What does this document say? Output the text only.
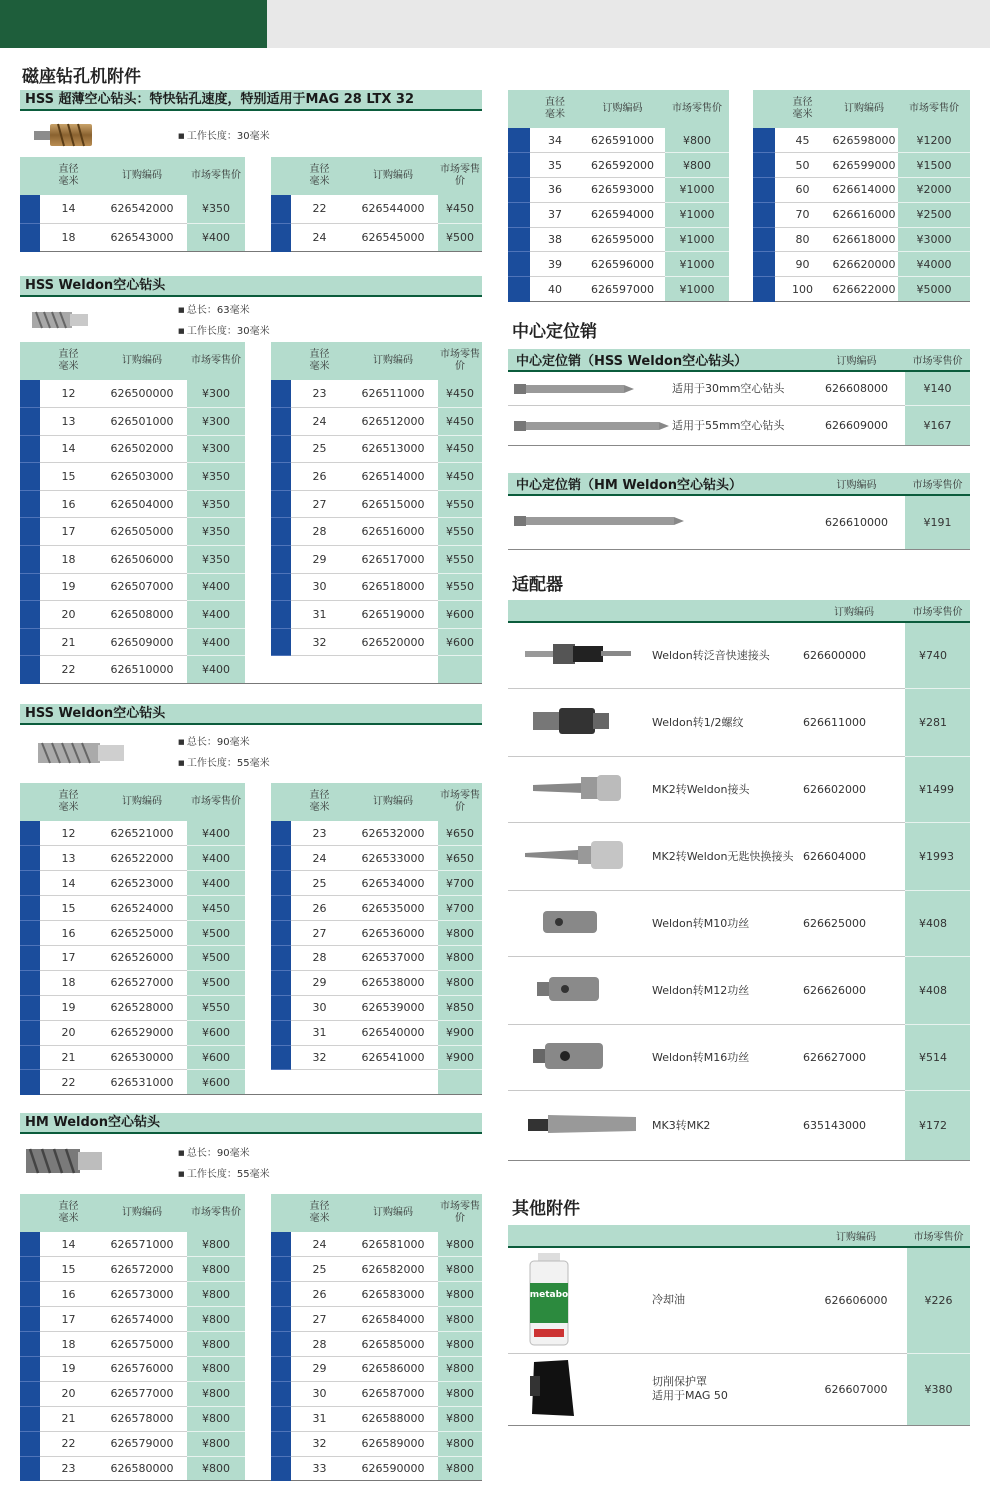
磁座钻孔机附件
HSS 超薄空心钻头：特快钻孔速度，特别适用于MAG 28 LTX 32
■ 工作长度：30毫米
	直径
毫米	订购编码	市场零售价			直径
毫米	订购编码	市场零售价
	14	626542000	¥350			22	626544000	¥450
	18	626543000	¥400			24	626545000	¥500
HSS Weldon空心钻头
■ 总长：63毫米
■ 工作长度：30毫米
	直径
毫米	订购编码	市场零售价			直径
毫米	订购编码	市场零售价
	12	626500000	¥300			23	626511000	¥450
	13	626501000	¥300			24	626512000	¥450
	14	626502000	¥300			25	626513000	¥450
	15	626503000	¥350			26	626514000	¥450
	16	626504000	¥350			27	626515000	¥550
	17	626505000	¥350			28	626516000	¥550
	18	626506000	¥350			29	626517000	¥550
	19	626507000	¥400			30	626518000	¥550
	20	626508000	¥400			31	626519000	¥600
	21	626509000	¥400			32	626520000	¥600
	22	626510000	¥400					
HSS Weldon空心钻头
■ 总长：90毫米
■ 工作长度：55毫米
	直径
毫米	订购编码	市场零售价			直径
毫米	订购编码	市场零售价
	12	626521000	¥400			23	626532000	¥650
	13	626522000	¥400			24	626533000	¥650
	14	626523000	¥400			25	626534000	¥700
	15	626524000	¥450			26	626535000	¥700
	16	626525000	¥500			27	626536000	¥800
	17	626526000	¥500			28	626537000	¥800
	18	626527000	¥500			29	626538000	¥800
	19	626528000	¥550			30	626539000	¥850
	20	626529000	¥600			31	626540000	¥900
	21	626530000	¥600			32	626541000	¥900
	22	626531000	¥600					
HM Weldon空心钻头
■ 总长：90毫米
■ 工作长度：55毫米
	直径
毫米	订购编码	市场零售价			直径
毫米	订购编码	市场零售价
	14	626571000	¥800			24	626581000	¥800
	15	626572000	¥800			25	626582000	¥800
	16	626573000	¥800			26	626583000	¥800
	17	626574000	¥800			27	626584000	¥800
	18	626575000	¥800			28	626585000	¥800
	19	626576000	¥800			29	626586000	¥800
	20	626577000	¥800			30	626587000	¥800
	21	626578000	¥800			31	626588000	¥800
	22	626579000	¥800			32	626589000	¥800
	23	626580000	¥800			33	626590000	¥800
	直径
毫米	订购编码	市场零售价			直径
毫米	订购编码	市场零售价
	34	626591000	¥800			45	626598000	¥1200
	35	626592000	¥800			50	626599000	¥1500
	36	626593000	¥1000			60	626614000	¥2000
	37	626594000	¥1000			70	626616000	¥2500
	38	626595000	¥1000			80	626618000	¥3000
	39	626596000	¥1000			90	626620000	¥4000
	40	626597000	¥1000			100	626622000	¥5000
中心定位销
中心定位销（HSS Weldon空心钻头）	订购编码	市场零售价
适用于30mm空心钻头	626608000	¥140
适用于55mm空心钻头	626609000	¥167
适配器
其他附件
中心定位销（HM Weldon空心钻头）	订购编码	市场零售价
	626610000	¥191
		订购编码	市场零售价
	Weldon转泛音快速接头	626600000	¥740
	Weldon转1/2螺纹	626611000	¥281
	MK2转Weldon接头	626602000	¥1499
	MK2转Weldon无匙快换接头	626604000	¥1993
	Weldon转M10功丝	626625000	¥408
	Weldon转M12功丝	626626000	¥408
	Weldon转M16功丝	626627000	¥514
	MK3转MK2	635143000	¥172
		订购编码	市场零售价

metabo	冷却油	626606000	¥226
	切削保护罩
适用于MAG 50	626607000	¥380
